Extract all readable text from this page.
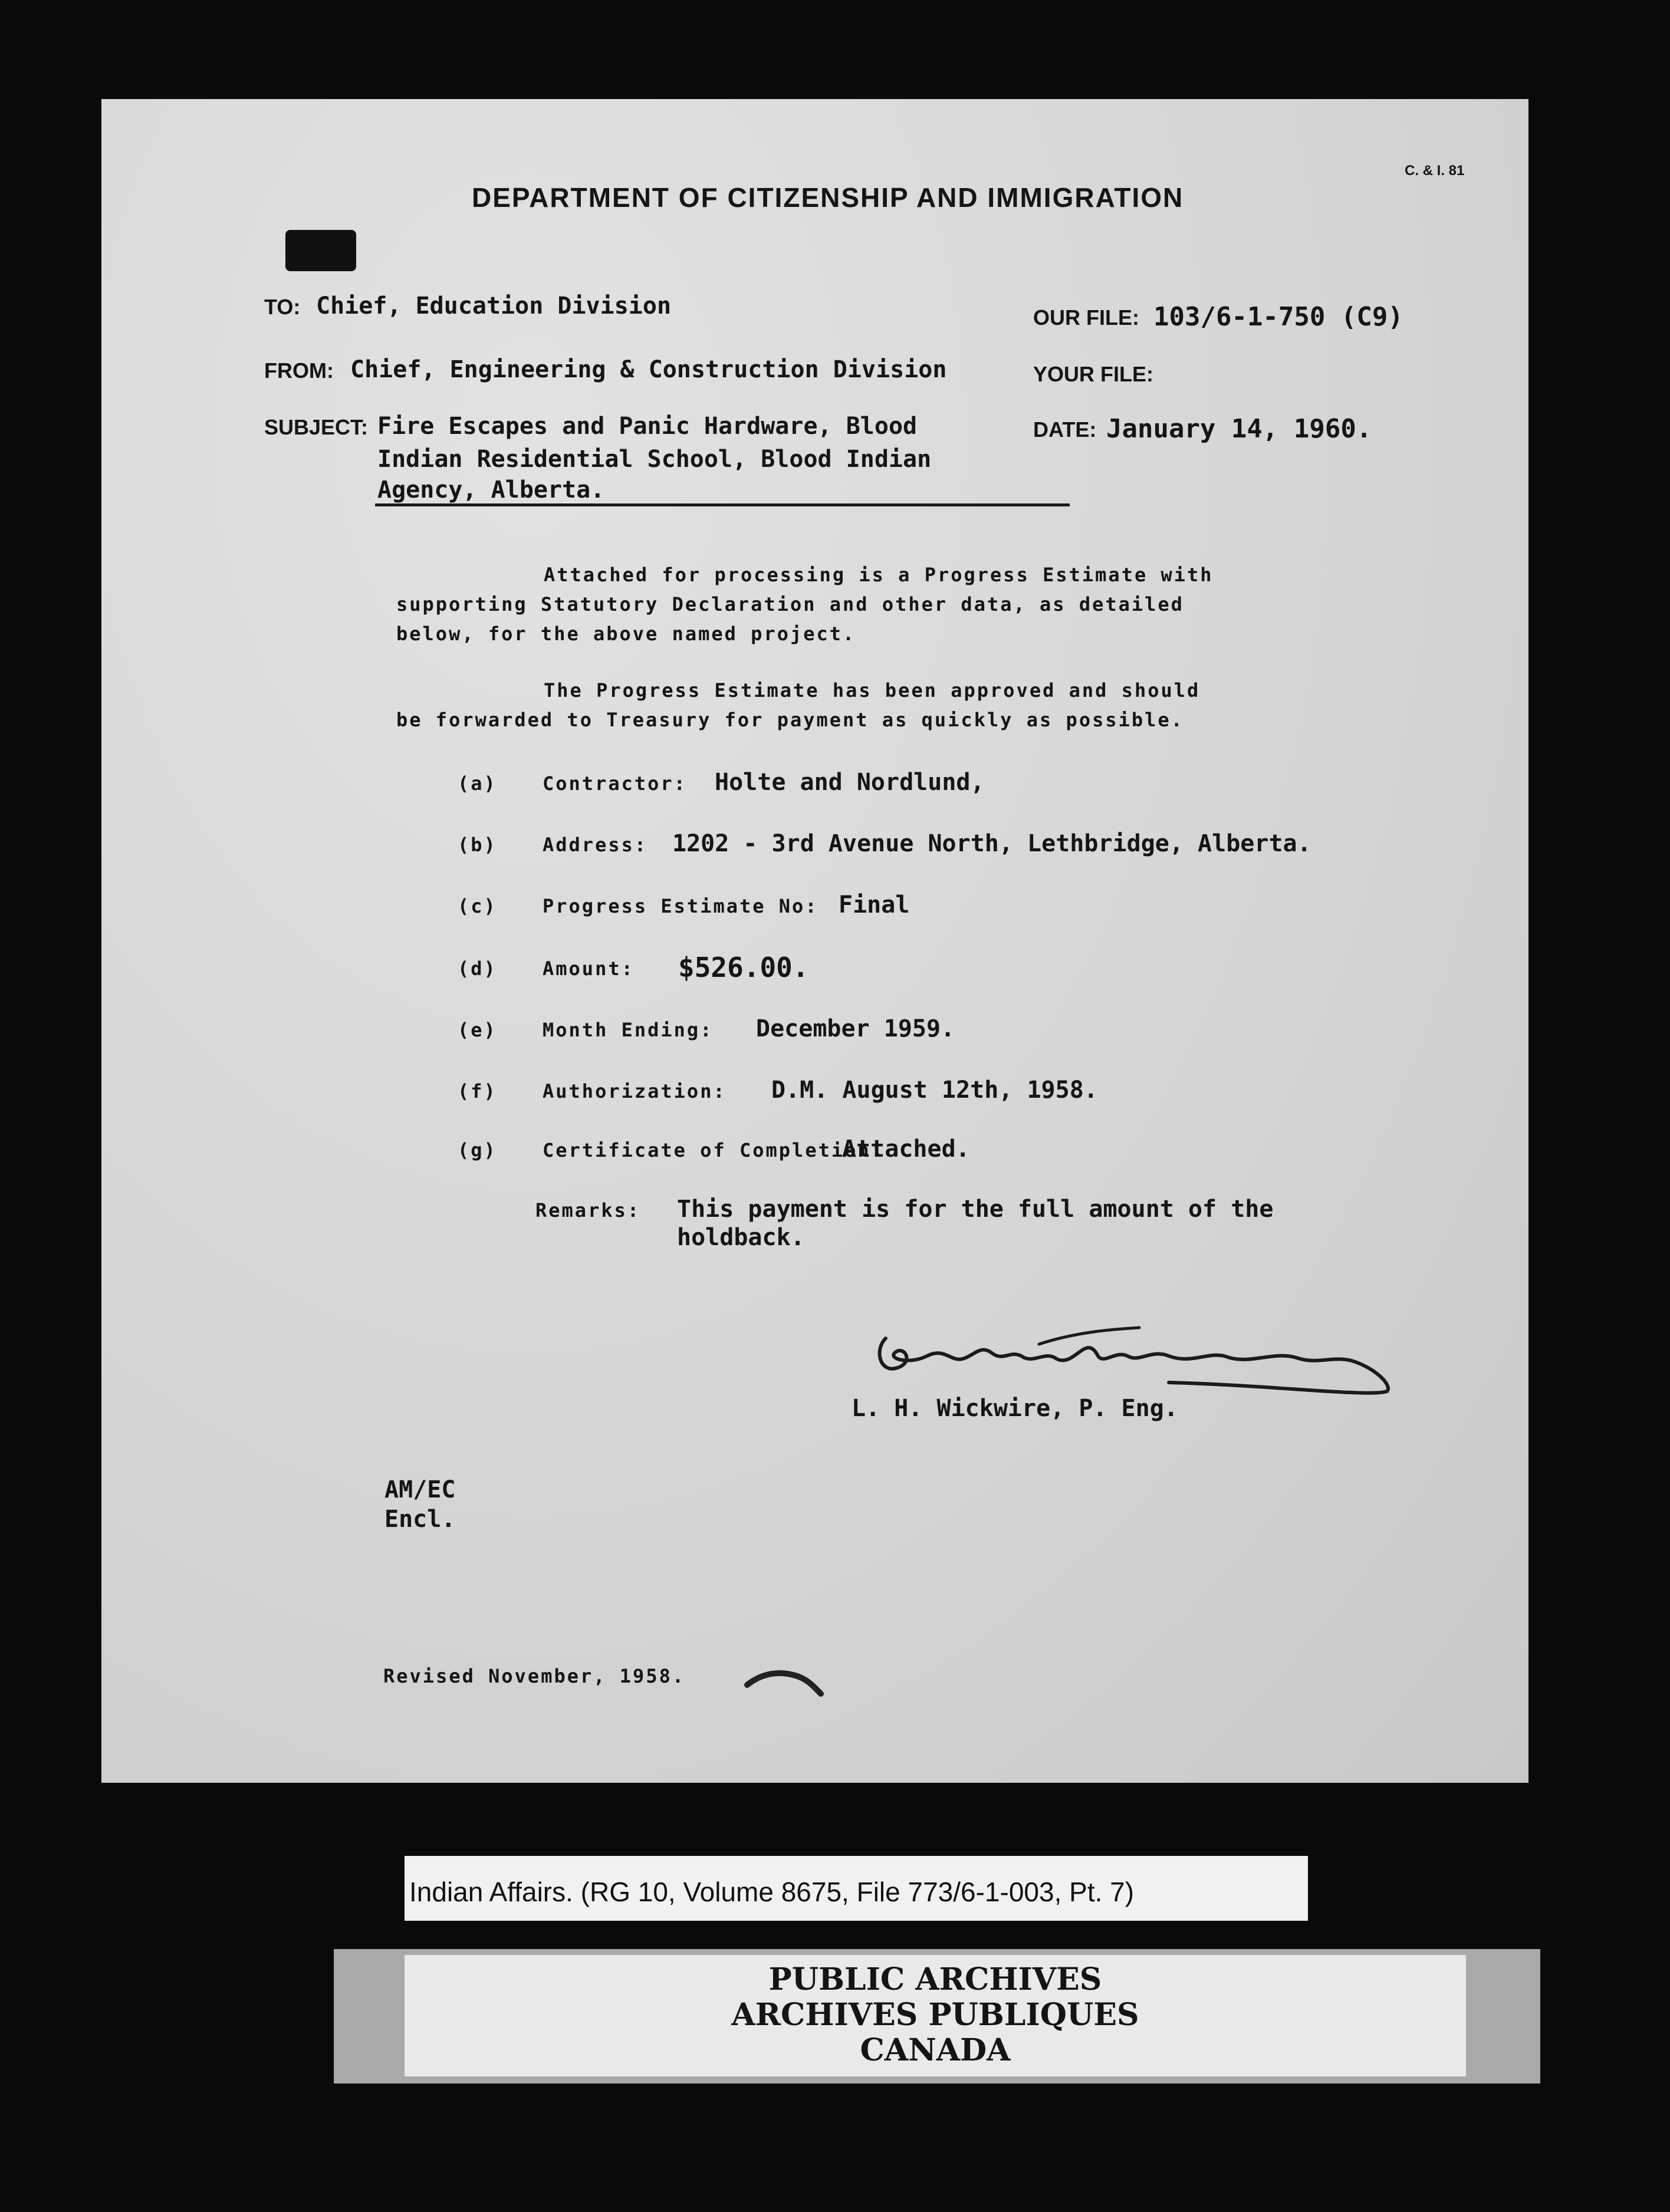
C. & I. 81
DEPARTMENT OF CITIZENSHIP AND IMMIGRATION
TO: Chief, Education Division
FROM: Chief, Engineering & Construction Division
SUBJECT: Fire Escapes and Panic Hardware, Blood
Indian Residential School, Blood Indian
Agency, Alberta.
OUR FILE: 103/6-1-750 (C9)
YOUR FILE:
DATE: January 14, 1960.
Attached for processing is a Progress Estimate with
supporting Statutory Declaration and other data, as detailed
below, for the above named project.
The Progress Estimate has been approved and should
be forwarded to Treasury for payment as quickly as possible.
(a) Contractor: Holte and Nordlund,
(b) Address: 1202 - 3rd Avenue North, Lethbridge, Alberta.
(c) Progress Estimate No: Final
(d) Amount: $526.00.
(e) Month Ending: December 1959.
(f) Authorization: D.M. August 12th, 1958.
(g) Certificate of Completion:
Attached.
Remarks: This payment is for the full amount of the
holdback.
L. H. Wickwire, P. Eng.
AM/EC
Encl.
Revised November, 1958.
Indian Affairs. (RG 10, Volume 8675, File 773/6-1-003, Pt. 7)
PUBLIC ARCHIVES
ARCHIVES PUBLIQUES
CANADA
